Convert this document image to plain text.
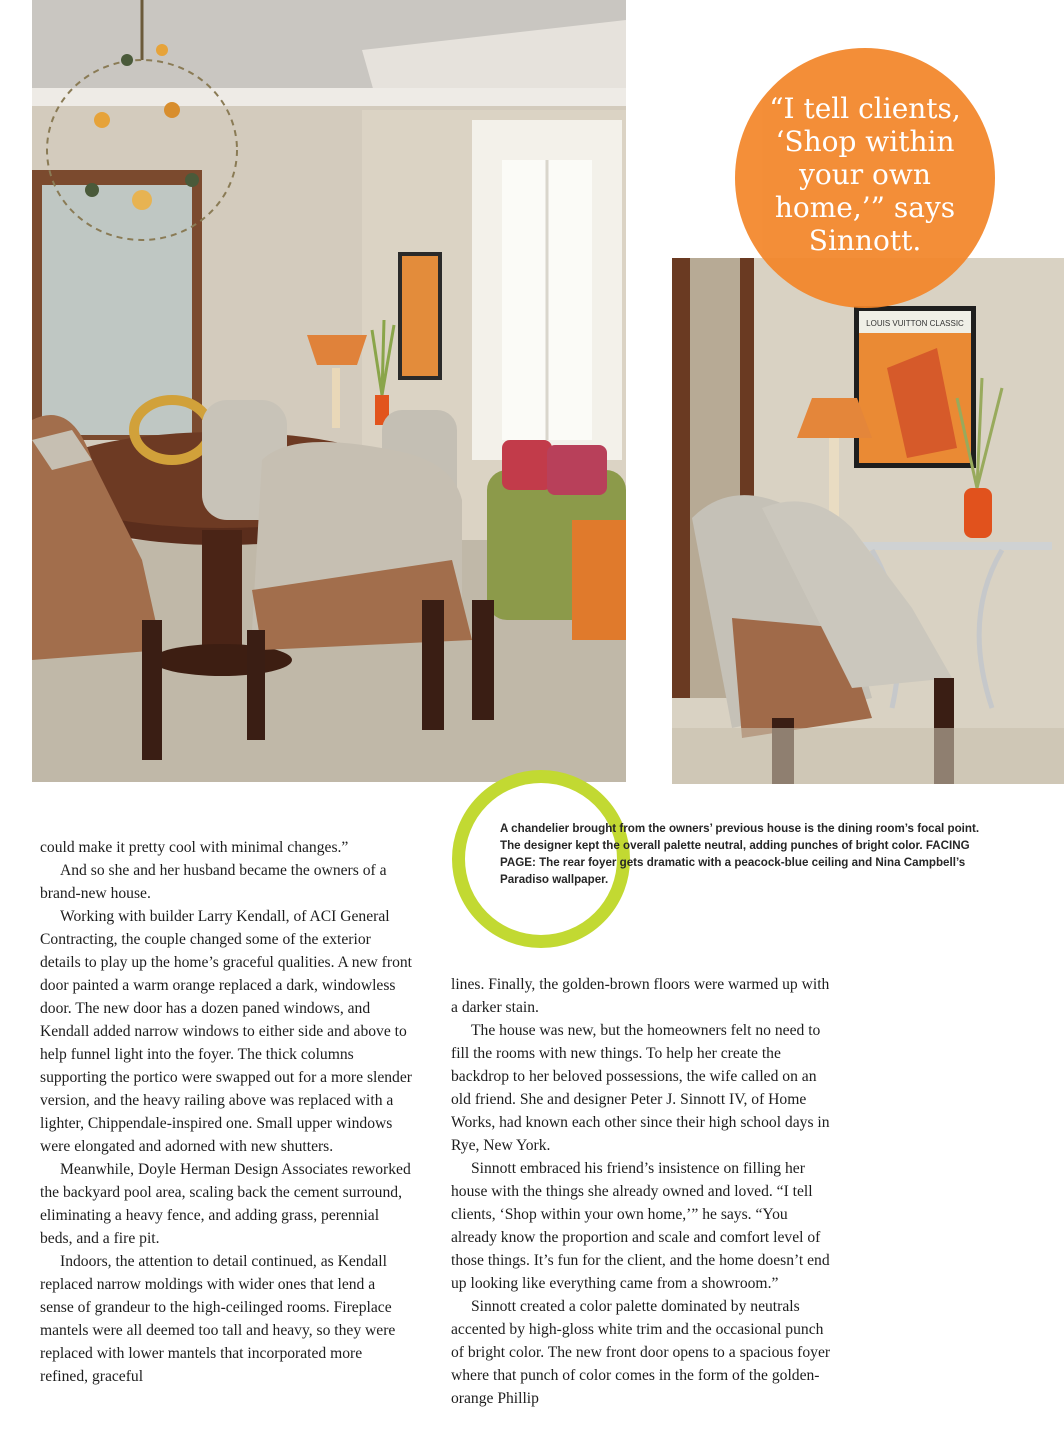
LOUIS VUITTON CLASSIC
“I tell clients, ‘Shop within your own home,’” says Sinnott.
A chandelier brought from the owners’ previous house is the dining room’s focal point. The designer kept the overall palette neutral, adding punches of bright color. FACING PAGE: The rear foyer gets dramatic with a peacock-blue ceiling and Nina Campbell’s Paradiso wallpaper.

could make it pretty cool with minimal changes.”

And so she and her husband became the owners of a brand-new house.

Working with builder Larry Kendall, of ACI General Contracting, the couple changed some of the exterior details to play up the home’s graceful qualities. A new front door painted a warm orange replaced a dark, windowless door. The new door has a dozen paned windows, and Kendall added narrow windows to either side and above to help funnel light into the foyer. The thick columns supporting the portico were swapped out for a more slender version, and the heavy railing above was replaced with a lighter, Chippendale-inspired one. Small upper windows were elongated and adorned with new shutters.

Meanwhile, Doyle Herman Design Associates reworked the backyard pool area, scaling back the cement surround, eliminating a heavy fence, and adding grass, perennial beds, and a fire pit.

Indoors, the attention to detail continued, as Kendall replaced narrow moldings with wider ones that lend a sense of grandeur to the high-ceilinged rooms. Fireplace mantels were all deemed too tall and heavy, so they were replaced with lower mantels that incorporated more refined, graceful

lines. Finally, the golden-brown floors were warmed up with a darker stain.

The house was new, but the homeowners felt no need to fill the rooms with new things. To help her create the backdrop to her beloved possessions, the wife called on an old friend. She and designer Peter J. Sinnott IV, of Home Works, had known each other since their high school days in Rye, New York.

Sinnott embraced his friend’s insistence on filling her house with the things she already owned and loved. “I tell clients, ‘Shop within your own home,’” he says. “You already know the proportion and scale and comfort level of those things. It’s fun for the client, and the home doesn’t end up looking like everything came from a showroom.”

Sinnott created a color palette dominated by neutrals accented by high-gloss white trim and the occasional punch of bright color. The new front door opens to a spacious foyer where that punch of color comes in the form of the golden-orange Phillip
